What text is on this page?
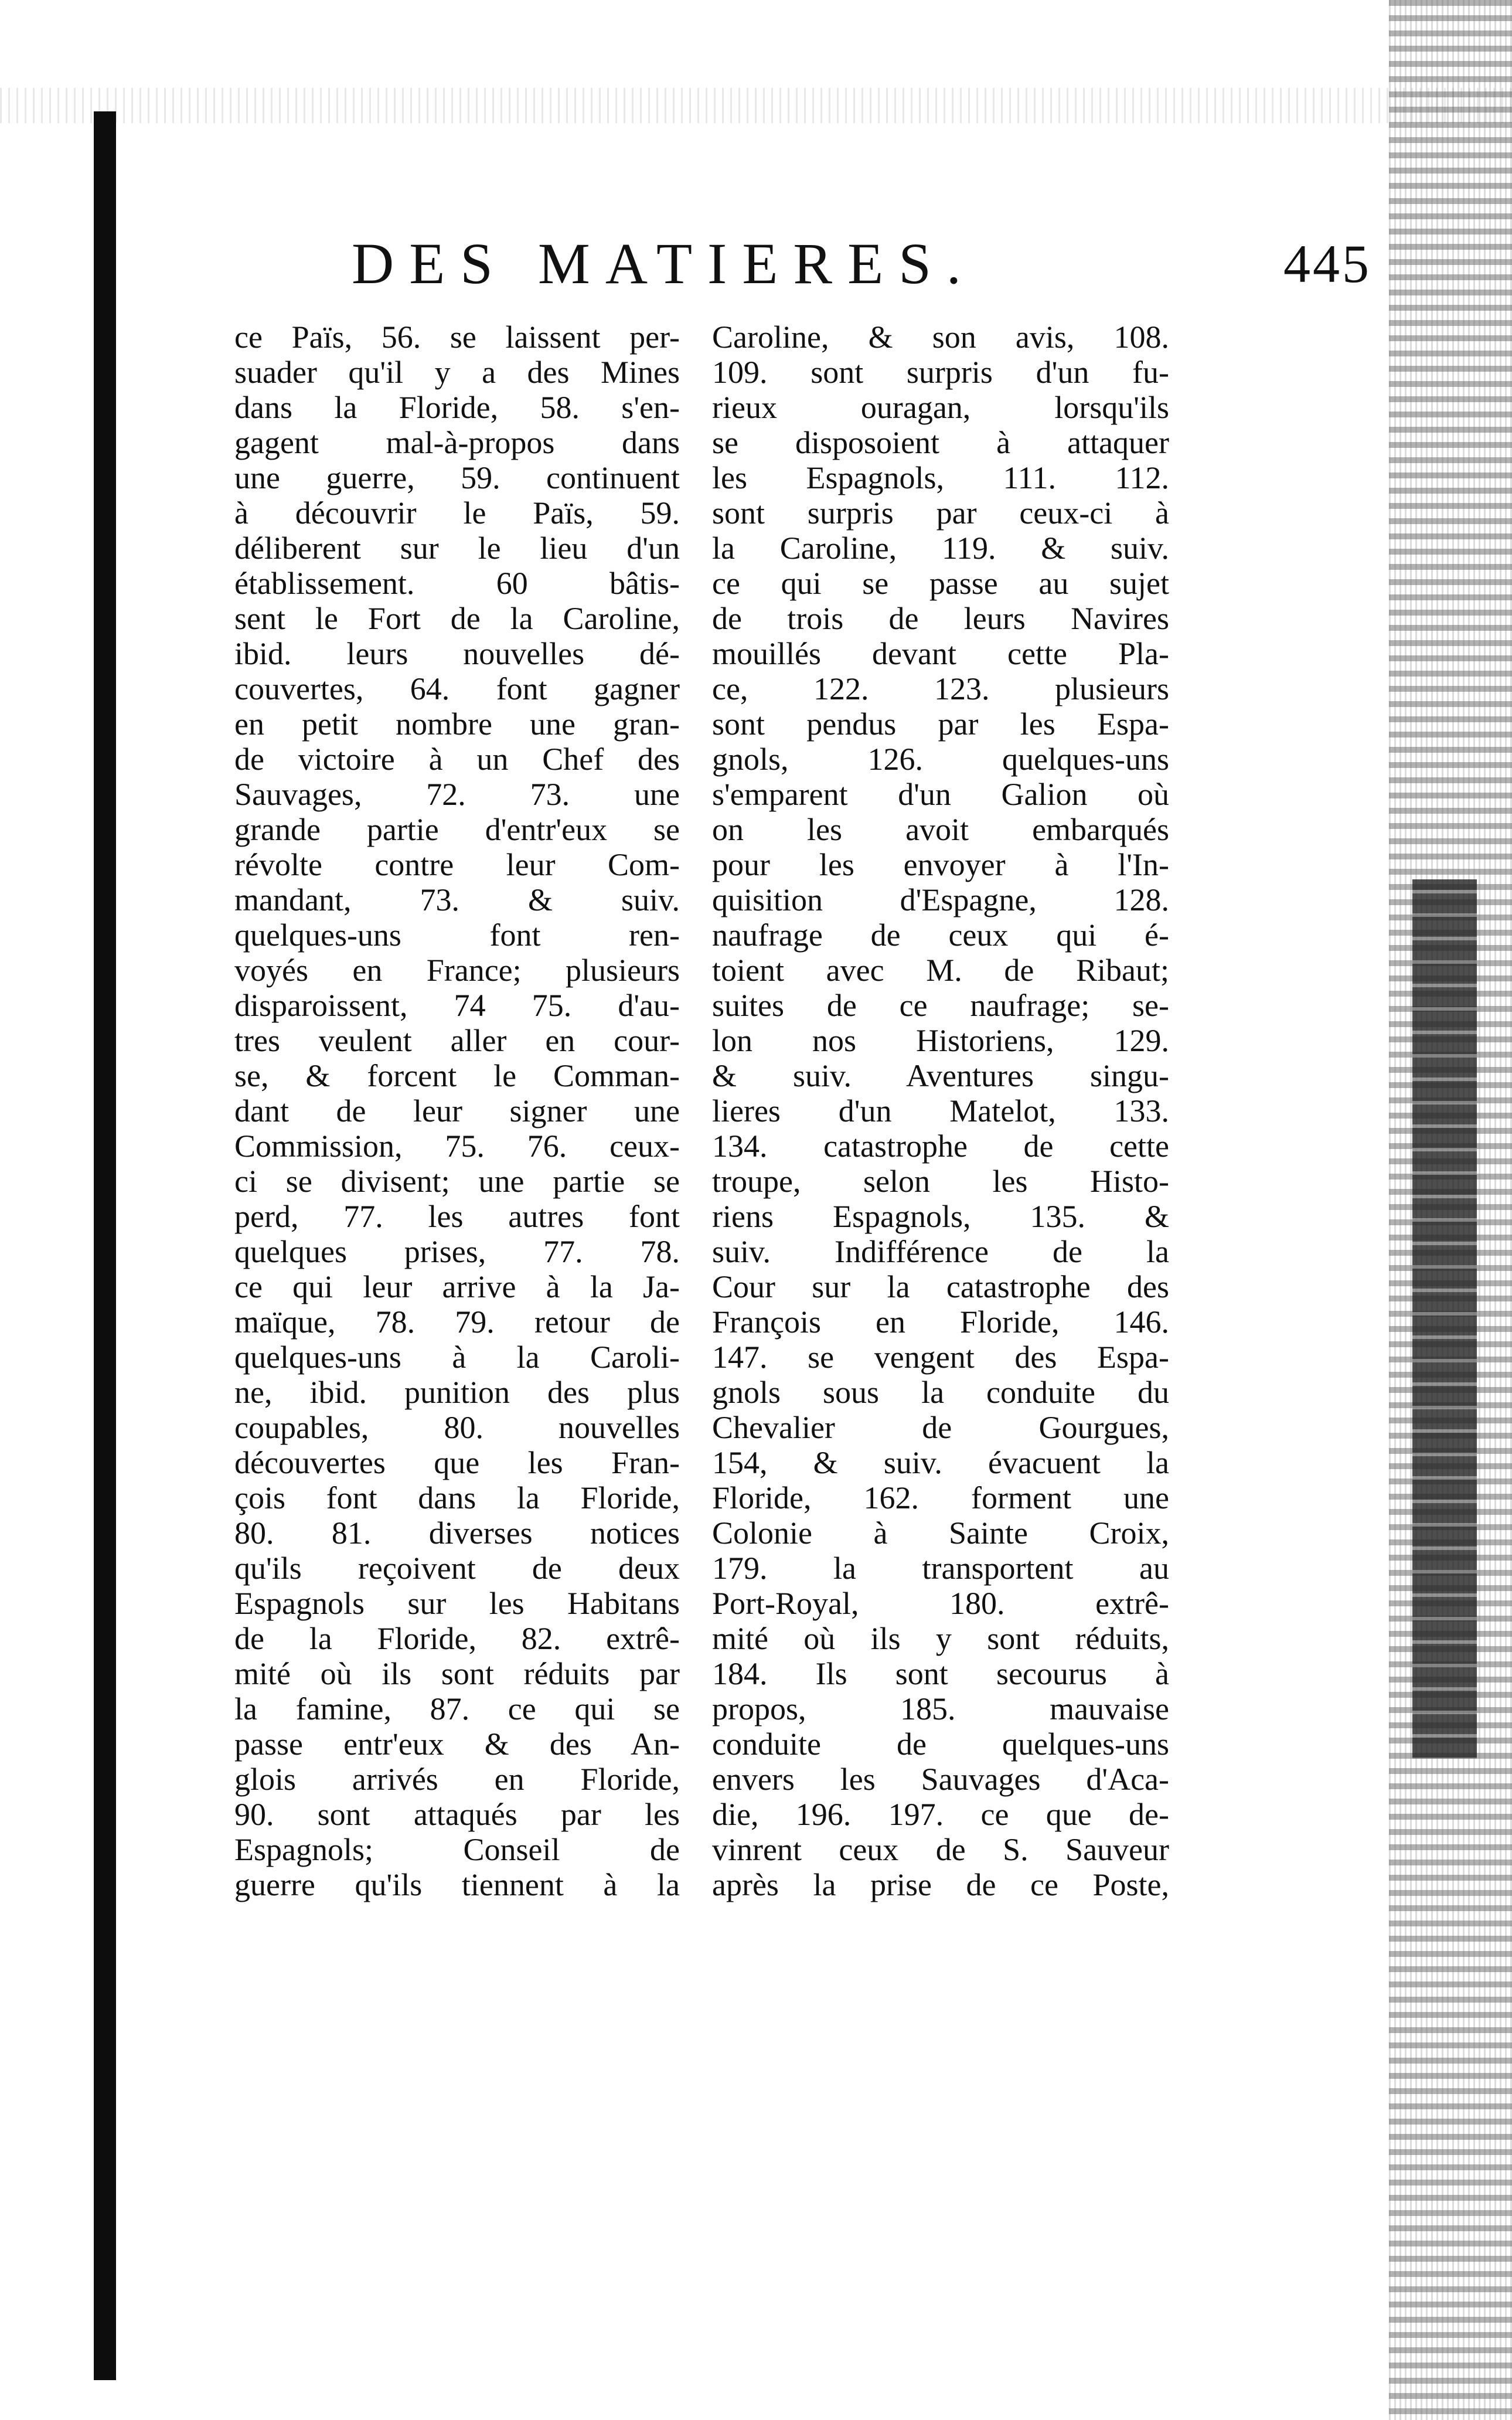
DES MATIERES.	445
ce Païs, 56. se laissent per-
suader qu'il y a des Mines
dans la Floride, 58. s'en-
gagent mal-à-propos dans
une guerre, 59. continuent
à découvrir le Païs, 59.
déliberent sur le lieu d'un
établissement. 60 bâtis-
sent le Fort de la Caroline,
ibid. leurs nouvelles dé-
couvertes, 64. font gagner
en petit nombre une gran-
de victoire à un Chef des
Sauvages, 72. 73. une
grande partie d'entr'eux se
révolte contre leur Com-
mandant, 73. & suiv.
quelques-uns font ren-
voyés en France; plusieurs
disparoissent, 74 75. d'au-
tres veulent aller en cour-
se, & forcent le Comman-
dant de leur signer une
Commission, 75. 76. ceux-
ci se divisent; une partie se
perd, 77. les autres font
quelques prises, 77. 78.
ce qui leur arrive à la Ja-
maïque, 78. 79. retour de
quelques-uns à la Caroli-
ne, ibid. punition des plus
coupables, 80. nouvelles
découvertes que les Fran-
çois font dans la Floride,
80. 81. diverses notices
qu'ils reçoivent de deux
Espagnols sur les Habitans
de la Floride, 82. extrê-
mité où ils sont réduits par
la famine, 87. ce qui se
passe entr'eux & des An-
glois arrivés en Floride,
90. sont attaqués par les
Espagnols; Conseil de
guerre qu'ils tiennent à la
Caroline, & son avis, 108.
109. sont surpris d'un fu-
rieux ouragan, lorsqu'ils
se disposoient à attaquer
les Espagnols, 111. 112.
sont surpris par ceux-ci à
la Caroline, 119. & suiv.
ce qui se passe au sujet
de trois de leurs Navires
mouillés devant cette Pla-
ce, 122. 123. plusieurs
sont pendus par les Espa-
gnols, 126. quelques-uns
s'emparent d'un Galion où
on les avoit embarqués
pour les envoyer à l'In-
quisition d'Espagne, 128.
naufrage de ceux qui é-
toient avec M. de Ribaut;
suites de ce naufrage; se-
lon nos Historiens, 129.
& suiv. Aventures singu-
lieres d'un Matelot, 133.
134. catastrophe de cette
troupe, selon les Histo-
riens Espagnols, 135. &
suiv. Indifférence de la
Cour sur la catastrophe des
François en Floride, 146.
147. se vengent des Espa-
gnols sous la conduite du
Chevalier de Gourgues,
154, & suiv. évacuent la
Floride, 162. forment une
Colonie à Sainte Croix,
179. la transportent au
Port-Royal, 180. extrê-
mité où ils y sont réduits,
184. Ils sont secourus à
propos, 185. mauvaise
conduite de quelques-uns
envers les Sauvages d'Aca-
die, 196. 197. ce que de-
vinrent ceux de S. Sauveur
après la prise de ce Poste,
